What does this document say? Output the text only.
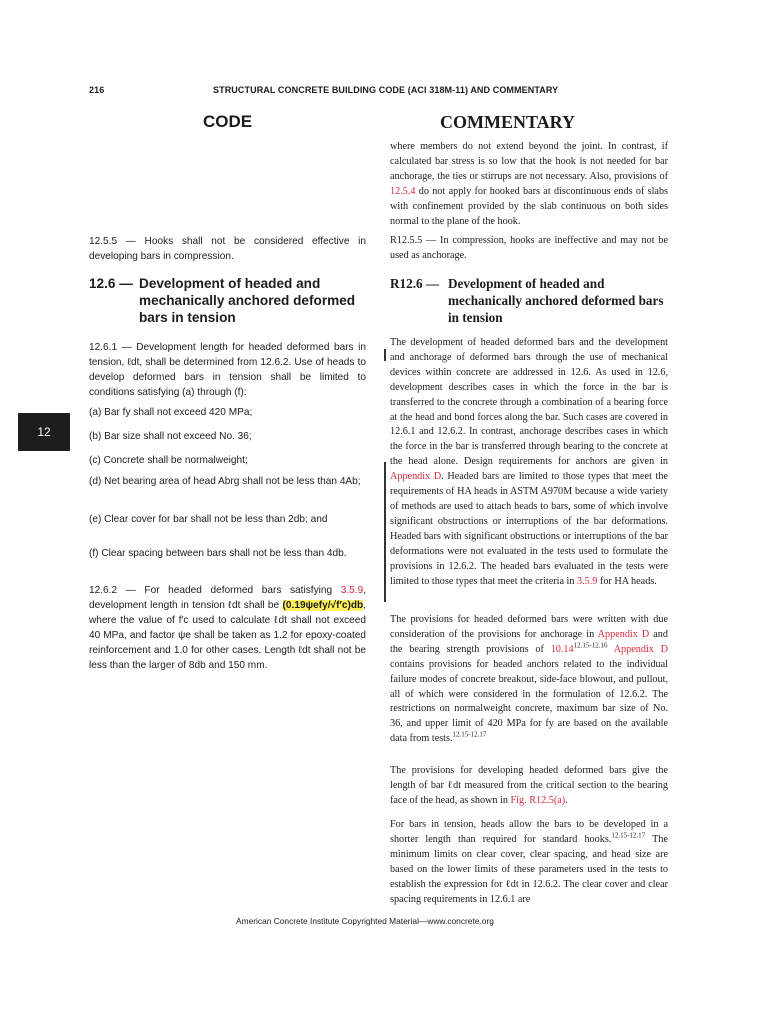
216	STRUCTURAL CONCRETE BUILDING CODE (ACI 318M-11) AND COMMENTARY
CODE	COMMENTARY
12

12.5.5 — Hooks shall not be considered effective in developing bars in compression.

12.6 — Development of headed and mechanically anchored deformed bars in tension

12.6.1 — Development length for headed deformed bars in tension, ℓdt, shall be determined from 12.6.2. Use of heads to develop deformed bars in tension shall be limited to conditions satisfying (a) through (f):

(a) Bar fy shall not exceed 420 MPa;

(b) Bar size shall not exceed No. 36;

(c) Concrete shall be normalweight;

(d) Net bearing area of head Abrg shall not be less than 4Ab;

(e) Clear cover for bar shall not be less than 2db; and

(f) Clear spacing between bars shall not be less than 4db.

12.6.2 — For headed deformed bars satisfying 3.5.9, development length in tension ℓdt shall be (0.19ψefy/√f′c)db, where the value of f′c used to calculate ℓdt shall not exceed 40 MPa, and factor ψe shall be taken as 1.2 for epoxy-coated reinforcement and 1.0 for other cases. Length ℓdt shall not be less than the larger of 8db and 150 mm.

where members do not extend beyond the joint. In contrast, if calculated bar stress is so low that the hook is not needed for bar anchorage, the ties or stirrups are not necessary. Also, provisions of 12.5.4 do not apply for hooked bars at discontinuous ends of slabs with confinement provided by the slab continuous on both sides normal to the plane of the hook.

R12.5.5 — In compression, hooks are ineffective and may not be used as anchorage.

R12.6 — Development of headed and mechanically anchored deformed bars in tension

The development of headed deformed bars and the development and anchorage of deformed bars through the use of mechanical devices within concrete are addressed in 12.6. As used in 12.6, development describes cases in which the force in the bar is transferred to the concrete through a combination of a bearing force at the head and bond forces along the bar. Such cases are covered in 12.6.1 and 12.6.2. In contrast, anchorage describes cases in which the force in the bar is transferred through bearing to the concrete at the head alone. Design requirements for anchors are given in Appendix D. Headed bars are limited to those types that meet the requirements of HA heads in ASTM A970M because a wide variety of methods are used to attach heads to bars, some of which involve significant obstructions or interruptions of the bar deformations. Headed bars with significant obstructions or interruptions of the bar deformations were not evaluated in the tests used to formulate the provisions in 12.6.2. The headed bars evaluated in the tests were limited to those types that meet the criteria in 3.5.9 for HA heads.

The provisions for headed deformed bars were written with due consideration of the provisions for anchorage in Appendix D and the bearing strength provisions of $10.14^{12.15-12.16}$ Appendix D contains provisions for headed anchors related to the individual failure modes of concrete breakout, side-face blowout, and pullout, all of which were considered in the formulation of 12.6.2. The restrictions on normalweight concrete, maximum bar size of No. 36, and upper limit of 420 MPa for fy are based on the available data from tests.$^{12.15-12.17}$

The provisions for developing headed deformed bars give the length of bar ℓdt measured from the critical section to the bearing face of the head, as shown in Fig. R12.5(a).

For bars in tension, heads allow the bars to be developed in a shorter length than required for standard hooks.$^{12.15-12.17}$ The minimum limits on clear cover, clear spacing, and head size are based on the lower limits of these parameters used in the tests to establish the expression for ℓdt in 12.6.2. The clear cover and clear spacing requirements in 12.6.1 are

American Concrete Institute Copyrighted Material—www.concrete.org
